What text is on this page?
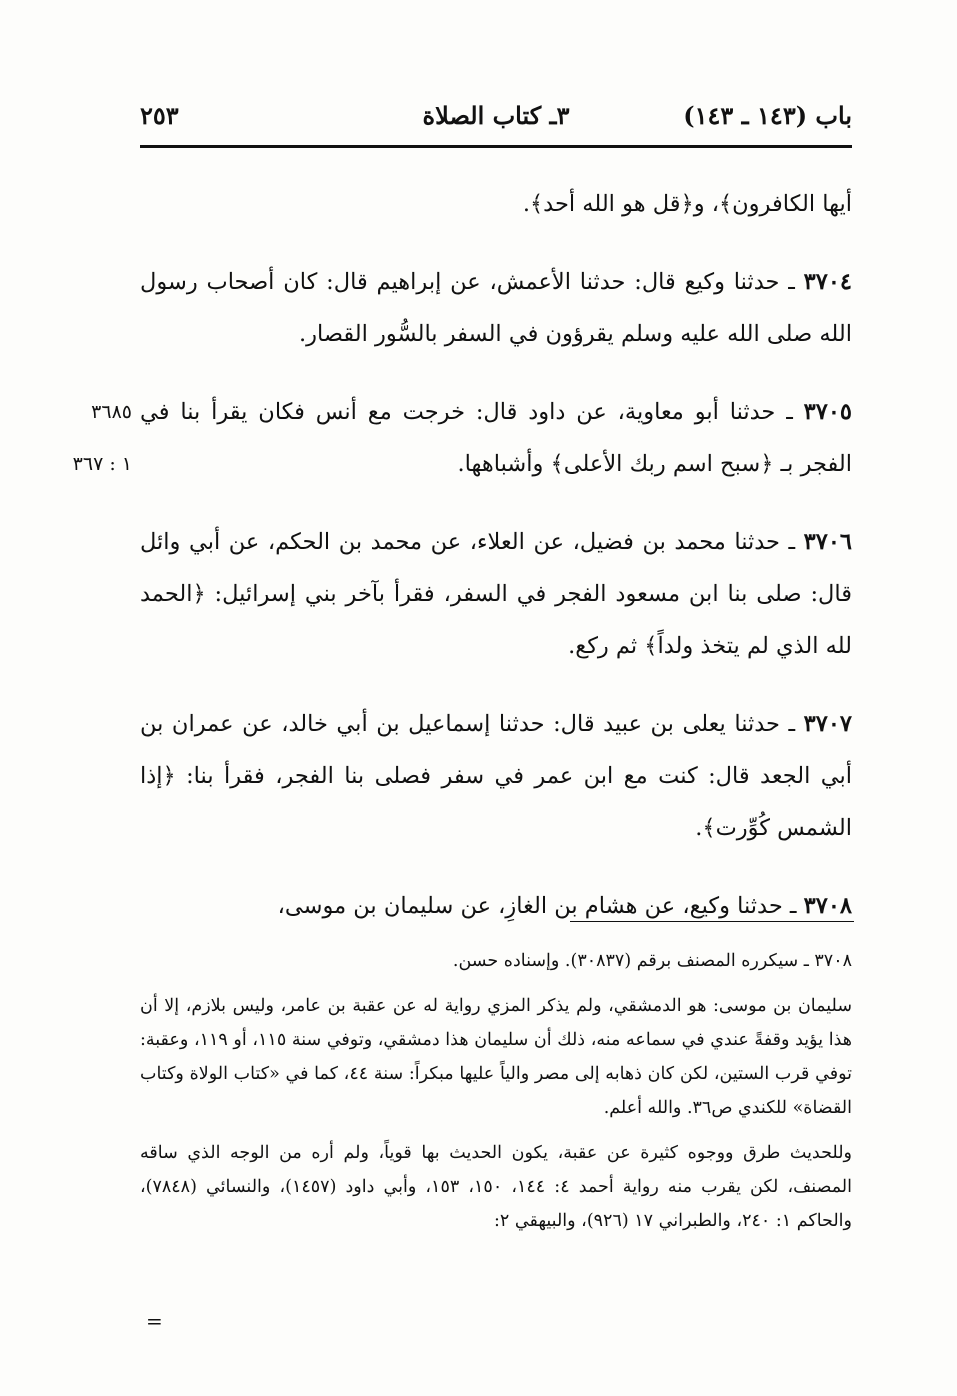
باب (١٤٣ ـ ١٤٣)
٣ـ كتاب الصلاة
٢٥٣

أيها الكافرون﴾، و﴿قل هو الله أحد﴾.

٣٧٠٤ ـ حدثنا وكيع قال: حدثنا الأعمش، عن إبراهيم قال: كان أصحاب رسول الله صلى الله عليه وسلم يقرؤون في السفر بالسُّور القصار.

٣٦٨٥
١ : ٣٦٧
٣٧٠٥ ـ حدثنا أبو معاوية، عن داود قال: خرجت مع أنس فكان يقرأ بنا في الفجر بـ ﴿سبح اسم ربك الأعلى﴾ وأشباهها.

٣٧٠٦ ـ حدثنا محمد بن فضيل، عن العلاء، عن محمد بن الحكم، عن أبي وائل قال: صلى بنا ابن مسعود الفجر في السفر، فقرأ بآخر بني إسرائيل: ﴿الحمد لله الذي لم يتخذ ولداً﴾ ثم ركع.

٣٧٠٧ ـ حدثنا يعلى بن عبيد قال: حدثنا إسماعيل بن أبي خالد، عن عمران بن أبي الجعد قال: كنت مع ابن عمر في سفر فصلى بنا الفجر، فقرأ بنا: ﴿إذا الشمس كُوِّرت﴾.

٣٧٠٨ ـ حدثنا وكيع، عن هشام بن الغازِ، عن سليمان بن موسى،

٣٧٠٨ ـ سيكرره المصنف برقم (٣٠٨٣٧). وإسناده حسن.

سليمان بن موسى: هو الدمشقي، ولم يذكر المزي رواية له عن عقبة بن عامر، وليس بلازم، إلا أن هذا يؤيد وقفةً عندي في سماعه منه، ذلك أن سليمان هذا دمشقي، وتوفي سنة ١١٥، أو ١١٩، وعقبة: توفي قرب الستين، لكن كان ذهابه إلى مصر والياً عليها مبكراً: سنة ٤٤، كما في «كتاب الولاة وكتاب القضاة» للكندي ص٣٦. والله أعلم.

وللحديث طرق ووجوه كثيرة عن عقبة، يكون الحديث بها قوياً، ولم أره من الوجه الذي ساقه المصنف، لكن يقرب منه رواية أحمد ٤: ١٤٤، ١٥٠، ١٥٣، وأبي داود (١٤٥٧)، والنسائي (٧٨٤٨)، والحاكم ١: ٢٤٠، والطبراني ١٧ (٩٢٦)، والبيهقي ٢:

=
